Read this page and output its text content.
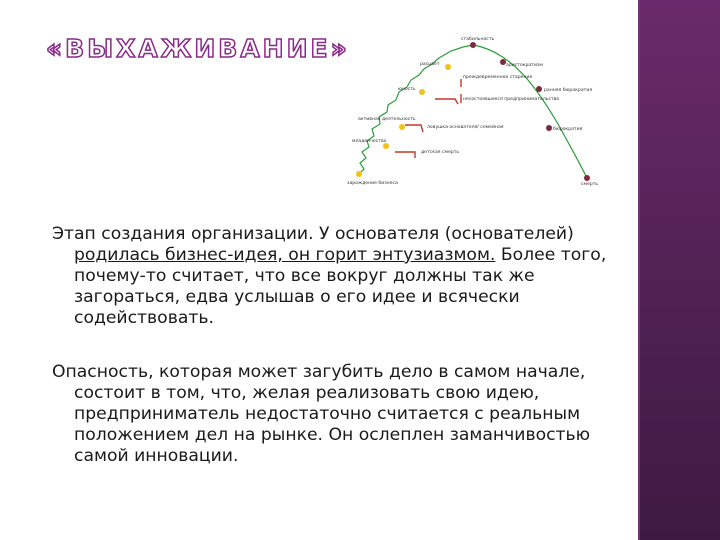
«ВЫХАЖИВАНИЕ»
зарождение бизнеса
младенчество
детская смерть
активная деятельность
ловушка основателя/ семейная
юность
расцвет
стабильность
аристократизм
преждевременное старение
несостоявшееся предпринимательство
ранняя бюрократия
бюрократия
смерть

Этап создания организации. У основателя (основателей) родилась бизнес-идея, он горит энтузиазмом. Более того, почему-то считает, что все вокруг должны так же загораться, едва услышав о его идее и всячески содействовать.

Опасность, которая может загубить дело в самом начале, состоит в том, что, желая реализовать свою идею, предприниматель недостаточно считается с реальным положением дел на рынке. Он ослеплен заманчивостью самой инновации.
